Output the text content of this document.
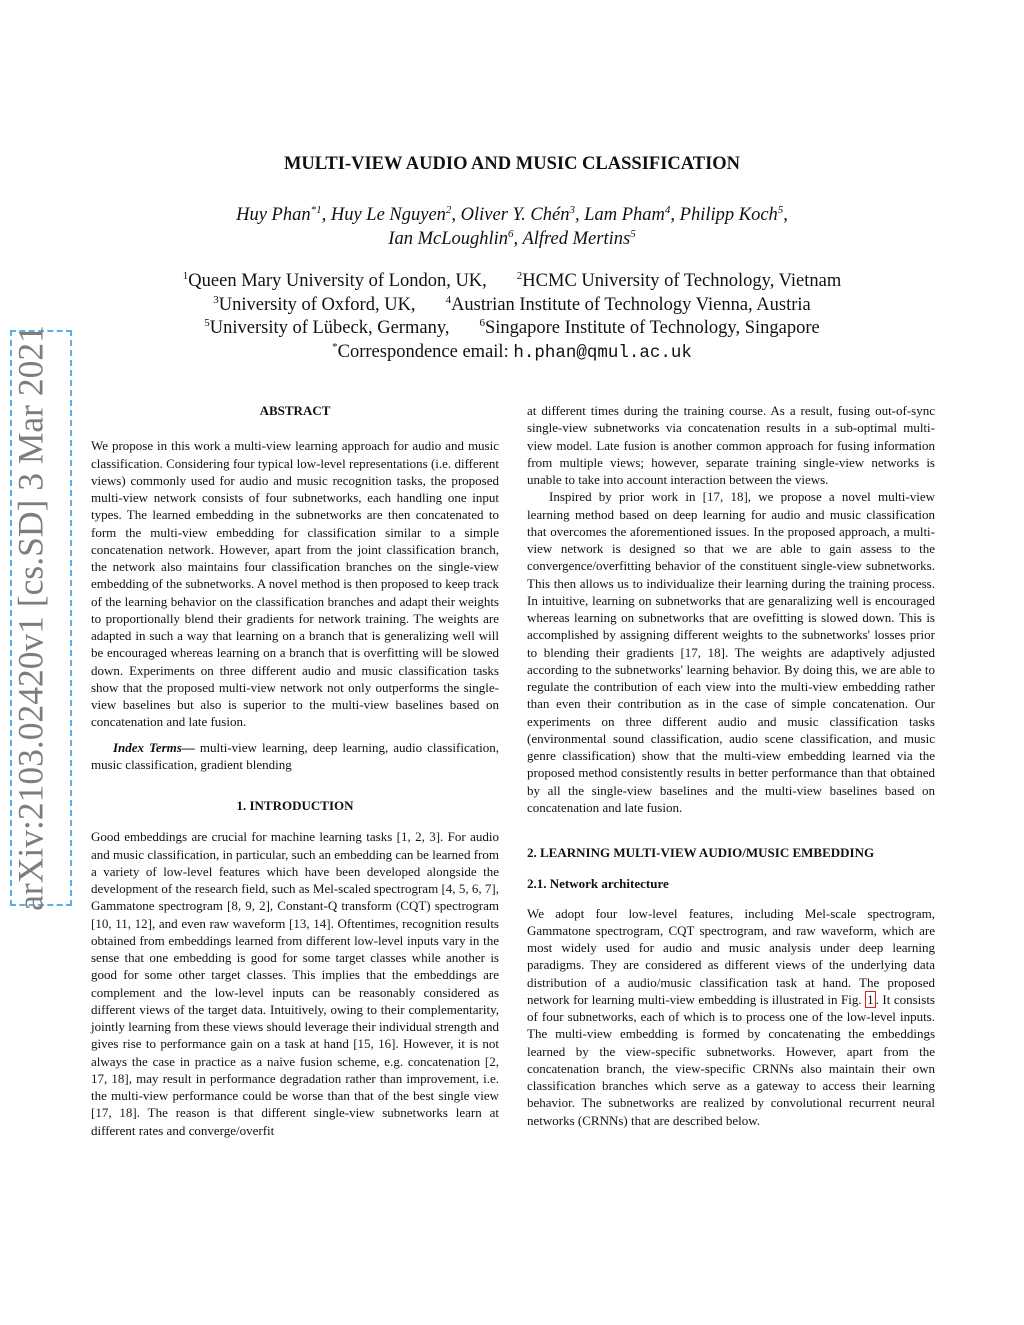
arXiv:2103.02420v1 [cs.SD] 3 Mar 2021
MULTI-VIEW AUDIO AND MUSIC CLASSIFICATION
Huy Phan$^{*1}$, Huy Le Nguyen$^2$, Oliver Y. Chén$^3$, Lam Pham$^4$, Philipp Koch$^5$,
Ian McLoughlin$^6$, Alfred Mertins$^5$
$^1$Queen Mary University of London, UK,	$^2$HCMC University of Technology, Vietnam
$^3$University of Oxford, UK,	$^4$Austrian Institute of Technology Vienna, Austria
$^5$University of Lübeck, Germany,	$^6$Singapore Institute of Technology, Singapore
*Correspondence email: h.phan@qmul.ac.uk
ABSTRACT

We propose in this work a multi-view learning approach for audio and music classification. Considering four typical low-level representations (i.e. different views) commonly used for audio and music recognition tasks, the proposed multi-view network consists of four subnetworks, each handling one input types. The learned embedding in the subnetworks are then concatenated to form the multi-view embedding for classification similar to a simple concatenation network. However, apart from the joint classification branch, the network also maintains four classification branches on the single-view embedding of the subnetworks. A novel method is then proposed to keep track of the learning behavior on the classification branches and adapt their weights to proportionally blend their gradients for network training. The weights are adapted in such a way that learning on a branch that is generalizing well will be encouraged whereas learning on a branch that is overfitting will be slowed down. Experiments on three different audio and music classification tasks show that the proposed multi-view network not only outperforms the single-view baselines but also is superior to the multi-view baselines based on concatenation and late fusion.

Index Terms— multi-view learning, deep learning, audio classification, music classification, gradient blending

1. INTRODUCTION

Good embeddings are crucial for machine learning tasks [1, 2, 3]. For audio and music classification, in particular, such an embedding can be learned from a variety of low-level features which have been developed alongside the development of the research field, such as Mel-scaled spectrogram [4, 5, 6, 7], Gammatone spectrogram [8, 9, 2], Constant-Q transform (CQT) spectrogram [10, 11, 12], and even raw waveform [13, 14]. Oftentimes, recognition results obtained from embeddings learned from different low-level inputs vary in the sense that one embedding is good for some target classes while another is good for some other target classes. This implies that the embeddings are complement and the low-level inputs can be reasonably considered as different views of the target data. Intuitively, owing to their complementarity, jointly learning from these views should leverage their individual strength and gives rise to performance gain on a task at hand [15, 16]. However, it is not always the case in practice as a naive fusion scheme, e.g. concatenation [2, 17, 18], may result in performance degradation rather than improvement, i.e. the multi-view performance could be worse than that of the best single view [17, 18]. The reason is that different single-view subnetworks learn at different rates and converge/overfit

at different times during the training course. As a result, fusing out-of-sync single-view subnetworks via concatenation results in a sub-optimal multi-view model. Late fusion is another common approach for fusing information from multiple views; however, separate training single-view networks is unable to take into account interaction between the views.

Inspired by prior work in [17, 18], we propose a novel multi-view learning method based on deep learning for audio and music classification that overcomes the aforementioned issues. In the proposed approach, a multi-view network is designed so that we are able to gain assess to the convergence/overfitting behavior of the constituent single-view subnetworks. This then allows us to individualize their learning during the training process. In intuitive, learning on subnetworks that are genaralizing well is encouraged whereas learning on subnetworks that are ovefitting is slowed down. This is accomplished by assigning different weights to the subnetworks' losses prior to blending their gradients [17, 18]. The weights are adaptively adjusted according to the subnetworks' learning behavior. By doing this, we are able to regulate the contribution of each view into the multi-view embedding rather than even their contribution as in the case of simple concatenation. Our experiments on three different audio and music classification tasks (environmental sound classification, audio scene classification, and music genre classification) show that the multi-view embedding learned via the proposed method consistently results in better performance than that obtained by all the single-view baselines and the multi-view baselines based on concatenation and late fusion.

2. LEARNING MULTI-VIEW AUDIO/MUSIC EMBEDDING
2.1. Network architecture

We adopt four low-level features, including Mel-scale spectrogram, Gammatone spectrogram, CQT spectrogram, and raw waveform, which are most widely used for audio and music analysis under deep learning paradigms. They are considered as different views of the underlying data distribution of a audio/music classification task at hand. The proposed network for learning multi-view embedding is illustrated in Fig. 1 . It consists of four subnetworks, each of which is to process one of the low-level inputs. The multi-view embedding is formed by concatenating the embeddings learned by the view-specific subnetworks. However, apart from the concatenation branch, the view-specific CRNNs also maintain their own classification branches which serve as a gateway to access their learning behavior. The subnetworks are realized by convolutional recurrent neural networks (CRNNs) that are described below.
